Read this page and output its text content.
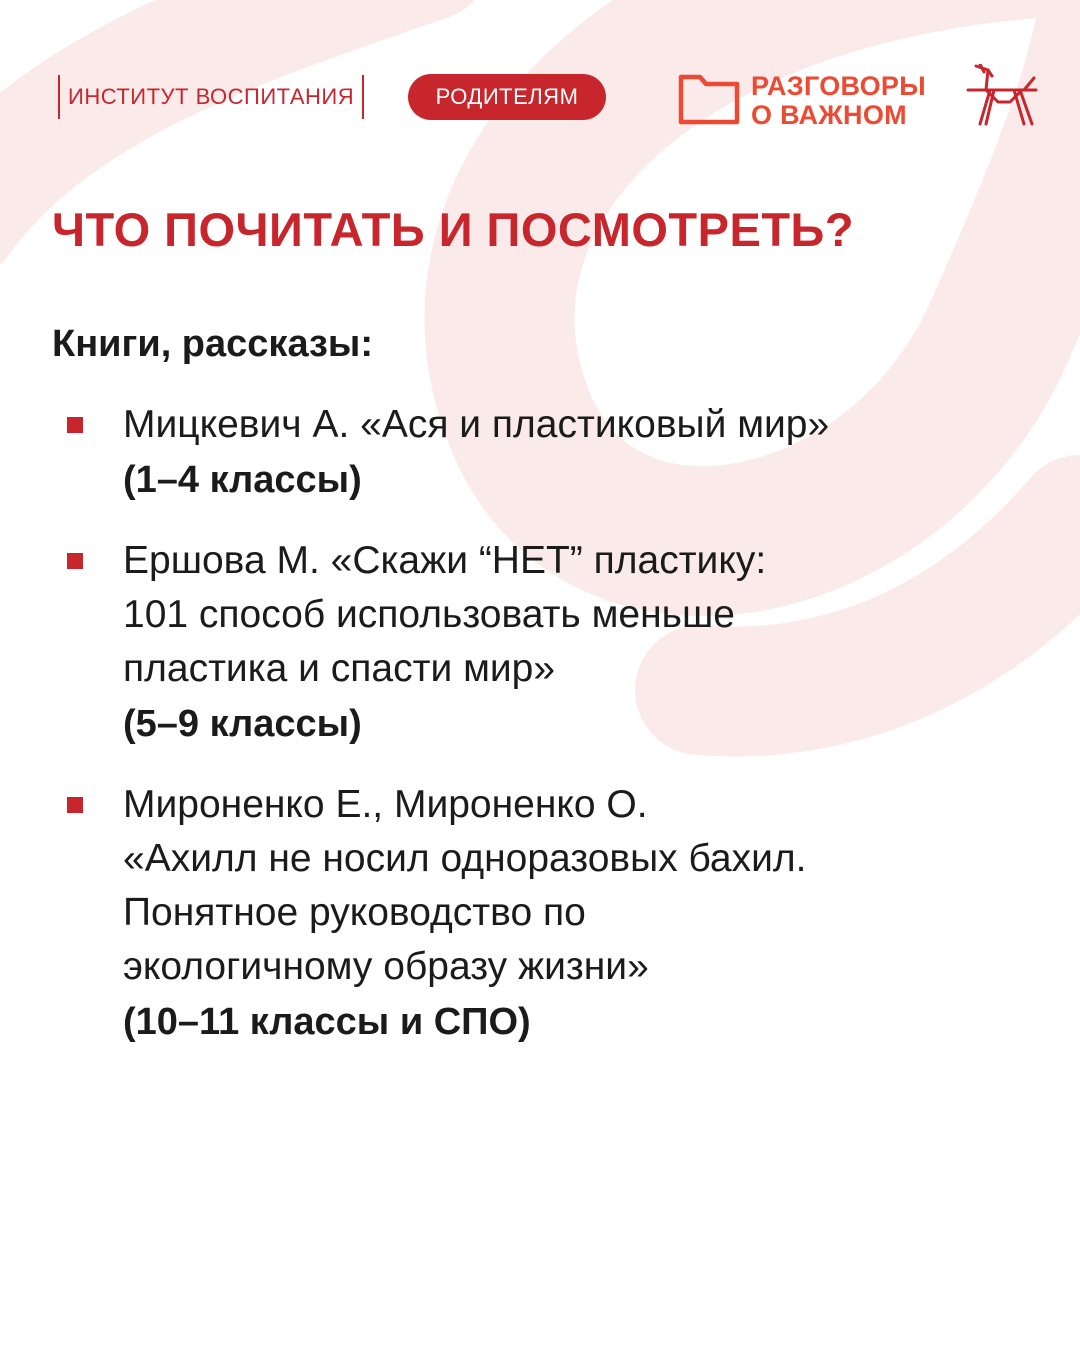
ИНСТИТУТ ВОСПИТАНИЯ	РОДИТЕЛЯМ	РАЗГОВОРЫ
О ВАЖНОМ
ЧТО ПОЧИТАТЬ И ПОСМОТРЕТЬ?
Книги, рассказы:
Мицкевич А. «Ася и пластиковый мир»
(1–4 классы)
Ершова М. «Скажи “НЕТ” пластику:
101 способ использовать меньше
пластика и спасти мир»
(5–9 классы)
Мироненко Е., Мироненко О.
«Ахилл не носил одноразовых бахил.
Понятное руководство по
экологичному образу жизни»
(10–11 классы и СПО)
